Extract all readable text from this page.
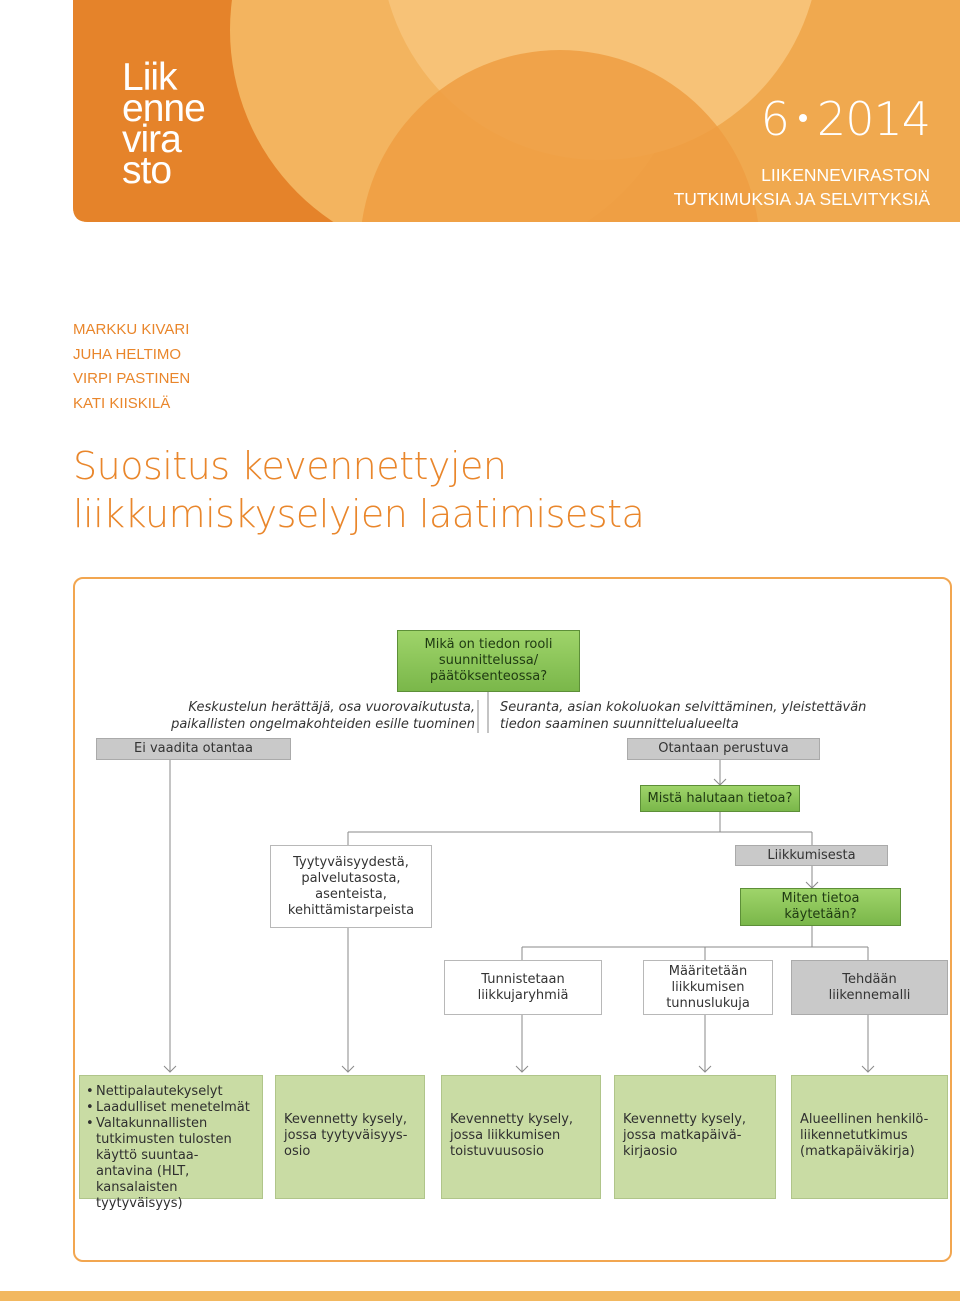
Liik
enne
vira
sto
6 2014
LIIKENNEVIRASTON
TUTKIMUKSIA JA SELVITYKSIÄ
MARKKU KIVARI
JUHA HELTIMO
VIRPI PASTINEN
KATI KIISKILÄ
Suositus kevennettyjen
liikkumiskyselyjen laatimisesta
Mikä on tiedon rooli suunnittelussa/ päätöksenteossa?
Keskustelun herättäjä, osa vuorovaikutusta, paikallisten ongelmakohteiden esille tuominen
Seuranta, asian kokoluokan selvittäminen, yleistettävän tiedon saaminen suunnittelualueelta
Ei vaadita otantaa	Otantaan perustuva
Mistä halutaan tietoa?
Tyytyväisyydestä, palvelutasosta, asenteista, kehittämistarpeista
Liikkumisesta
Miten tietoa käytetään?
Tunnistetaan liikkujaryhmiä
Määritetään liikkumisen tunnuslukuja
Tehdään liikennemalli
• Nettipalautekyselyt
• Laadulliset menetelmät
• Valtakunnallisten tutkimusten tulosten käyttö suuntaa-antavina (HLT, kansalaisten tyytyväisyys)
Kevennetty kysely, jossa tyytyväisyys-osio
Kevennetty kysely, jossa liikkumisen toistuvuusosio
Kevennetty kysely, jossa matkapäivä-kirjaosio
Alueellinen henkilö-liikennetutkimus (matkapäiväkirja)
